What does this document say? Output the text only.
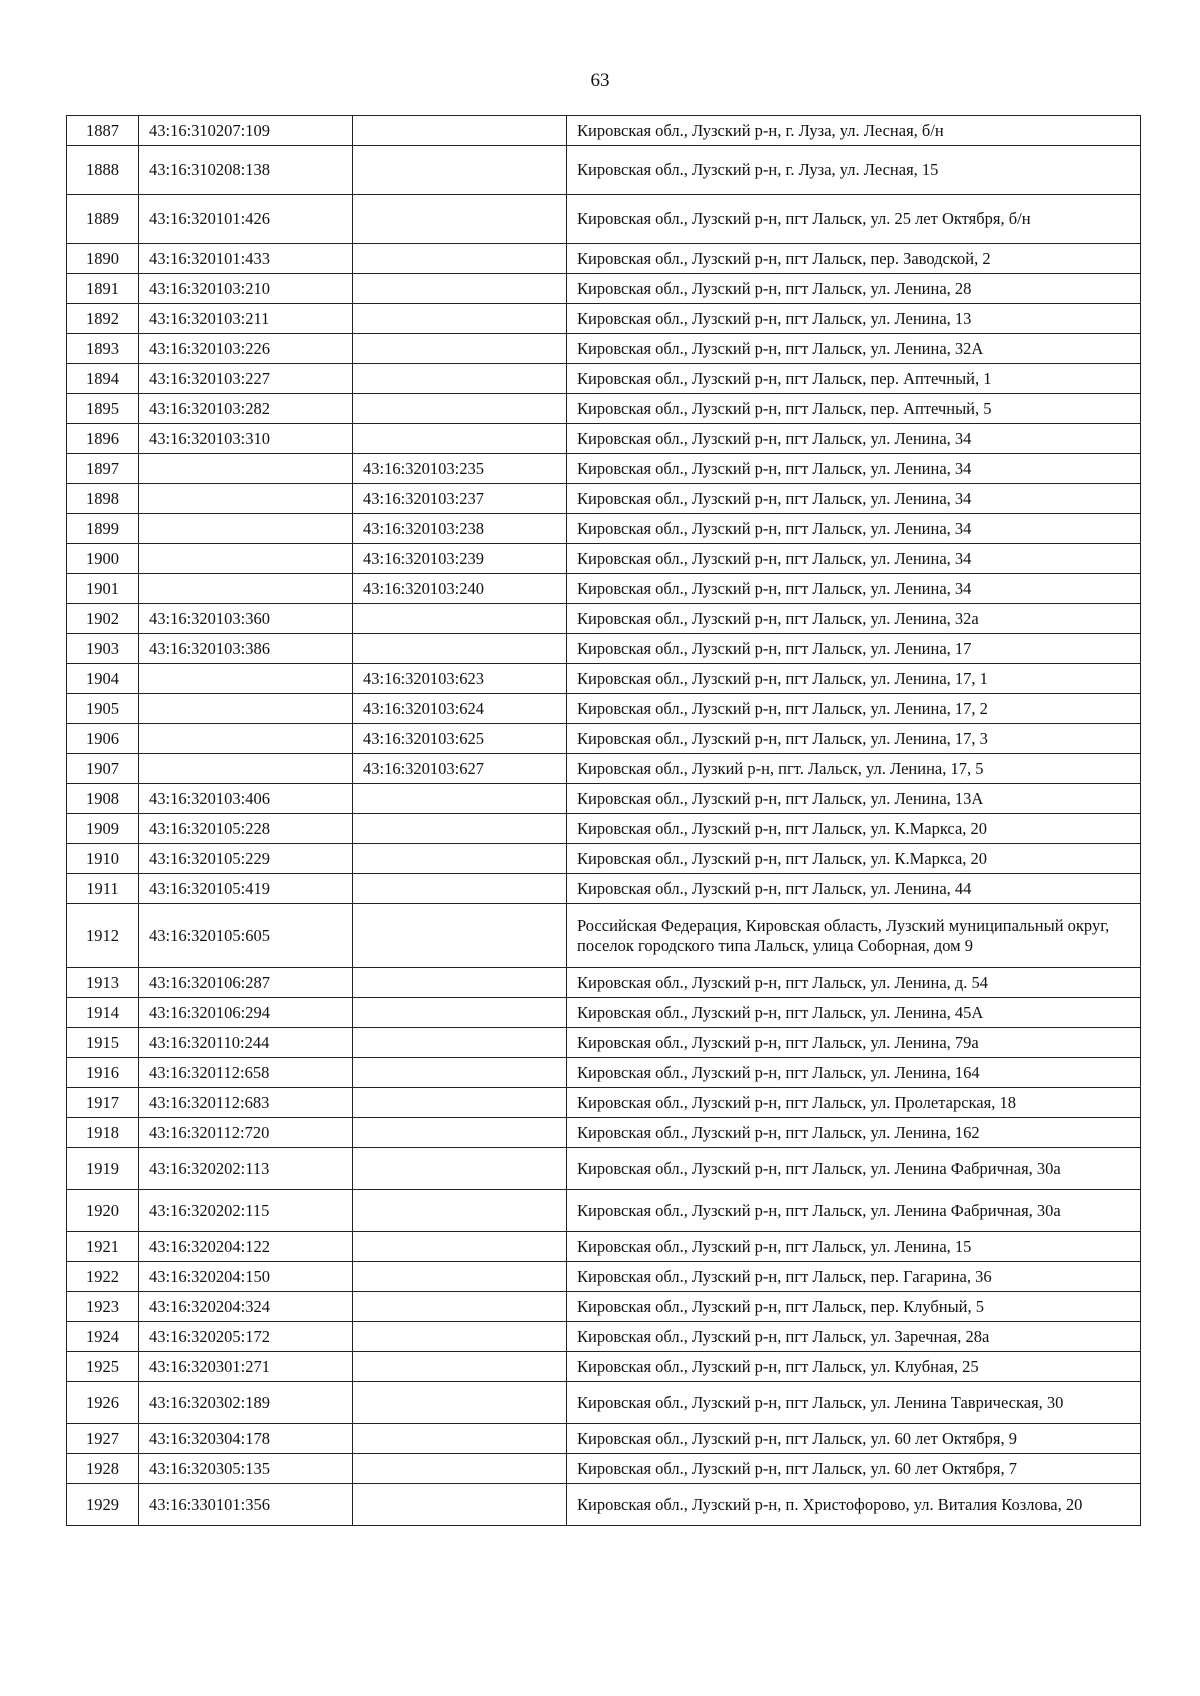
63
1887	43:16:310207:109		Кировская обл., Лузский р-н, г. Луза, ул. Лесная, б/н
1888	43:16:310208:138		Кировская обл., Лузский р-н, г. Луза, ул. Лесная, 15
1889	43:16:320101:426		Кировская обл., Лузский р-н, пгт Лальск, ул. 25 лет Октября, б/н
1890	43:16:320101:433		Кировская обл., Лузский р-н, пгт Лальск, пер. Заводской, 2
1891	43:16:320103:210		Кировская обл., Лузский р-н, пгт Лальск, ул. Ленина, 28
1892	43:16:320103:211		Кировская обл., Лузский р-н, пгт Лальск, ул. Ленина, 13
1893	43:16:320103:226		Кировская обл., Лузский р-н, пгт Лальск, ул. Ленина, 32А
1894	43:16:320103:227		Кировская обл., Лузский р-н, пгт Лальск, пер. Аптечный, 1
1895	43:16:320103:282		Кировская обл., Лузский р-н, пгт Лальск, пер. Аптечный, 5
1896	43:16:320103:310		Кировская обл., Лузский р-н, пгт Лальск, ул. Ленина, 34
1897		43:16:320103:235	Кировская обл., Лузский р-н, пгт Лальск, ул. Ленина, 34
1898		43:16:320103:237	Кировская обл., Лузский р-н, пгт Лальск, ул. Ленина, 34
1899		43:16:320103:238	Кировская обл., Лузский р-н, пгт Лальск, ул. Ленина, 34
1900		43:16:320103:239	Кировская обл., Лузский р-н, пгт Лальск, ул. Ленина, 34
1901		43:16:320103:240	Кировская обл., Лузский р-н, пгт Лальск, ул. Ленина, 34
1902	43:16:320103:360		Кировская обл., Лузский р-н, пгт Лальск, ул. Ленина, 32а
1903	43:16:320103:386		Кировская обл., Лузский р-н, пгт Лальск, ул. Ленина, 17
1904		43:16:320103:623	Кировская обл., Лузский р-н, пгт Лальск, ул. Ленина, 17, 1
1905		43:16:320103:624	Кировская обл., Лузский р-н, пгт Лальск, ул. Ленина, 17, 2
1906		43:16:320103:625	Кировская обл., Лузский р-н, пгт Лальск, ул. Ленина, 17, 3
1907		43:16:320103:627	Кировская обл., Лузкий р-н, пгт. Лальск, ул. Ленина, 17, 5
1908	43:16:320103:406		Кировская обл., Лузский р-н, пгт Лальск, ул. Ленина, 13А
1909	43:16:320105:228		Кировская обл., Лузский р-н, пгт Лальск, ул. К.Маркса, 20
1910	43:16:320105:229		Кировская обл., Лузский р-н, пгт Лальск, ул. К.Маркса, 20
1911	43:16:320105:419		Кировская обл., Лузский р-н, пгт Лальск, ул. Ленина, 44
1912	43:16:320105:605		Российская Федерация, Кировская область, Лузский муниципальный округ, поселок городского типа Лальск, улица Соборная, дом 9
1913	43:16:320106:287		Кировская обл., Лузский р-н, пгт Лальск, ул. Ленина, д. 54
1914	43:16:320106:294		Кировская обл., Лузский р-н, пгт Лальск, ул. Ленина, 45А
1915	43:16:320110:244		Кировская обл., Лузский р-н, пгт Лальск, ул. Ленина, 79а
1916	43:16:320112:658		Кировская обл., Лузский р-н, пгт Лальск, ул. Ленина, 164
1917	43:16:320112:683		Кировская обл., Лузский р-н, пгт Лальск, ул. Пролетарская, 18
1918	43:16:320112:720		Кировская обл., Лузский р-н, пгт Лальск, ул. Ленина, 162
1919	43:16:320202:113		Кировская обл., Лузский р-н, пгт Лальск, ул. Ленина Фабричная, 30а
1920	43:16:320202:115		Кировская обл., Лузский р-н, пгт Лальск, ул. Ленина Фабричная, 30а
1921	43:16:320204:122		Кировская обл., Лузский р-н, пгт Лальск, ул. Ленина, 15
1922	43:16:320204:150		Кировская обл., Лузский р-н, пгт Лальск, пер. Гагарина, 36
1923	43:16:320204:324		Кировская обл., Лузский р-н, пгт Лальск, пер. Клубный, 5
1924	43:16:320205:172		Кировская обл., Лузский р-н, пгт Лальск, ул. Заречная, 28а
1925	43:16:320301:271		Кировская обл., Лузский р-н, пгт Лальск, ул. Клубная, 25
1926	43:16:320302:189		Кировская обл., Лузский р-н, пгт Лальск, ул. Ленина Таврическая, 30
1927	43:16:320304:178		Кировская обл., Лузский р-н, пгт Лальск, ул. 60 лет Октября, 9
1928	43:16:320305:135		Кировская обл., Лузский р-н, пгт Лальск, ул. 60 лет Октября, 7
1929	43:16:330101:356		Кировская обл., Лузский р-н, п. Христофорово, ул. Виталия Козлова, 20
